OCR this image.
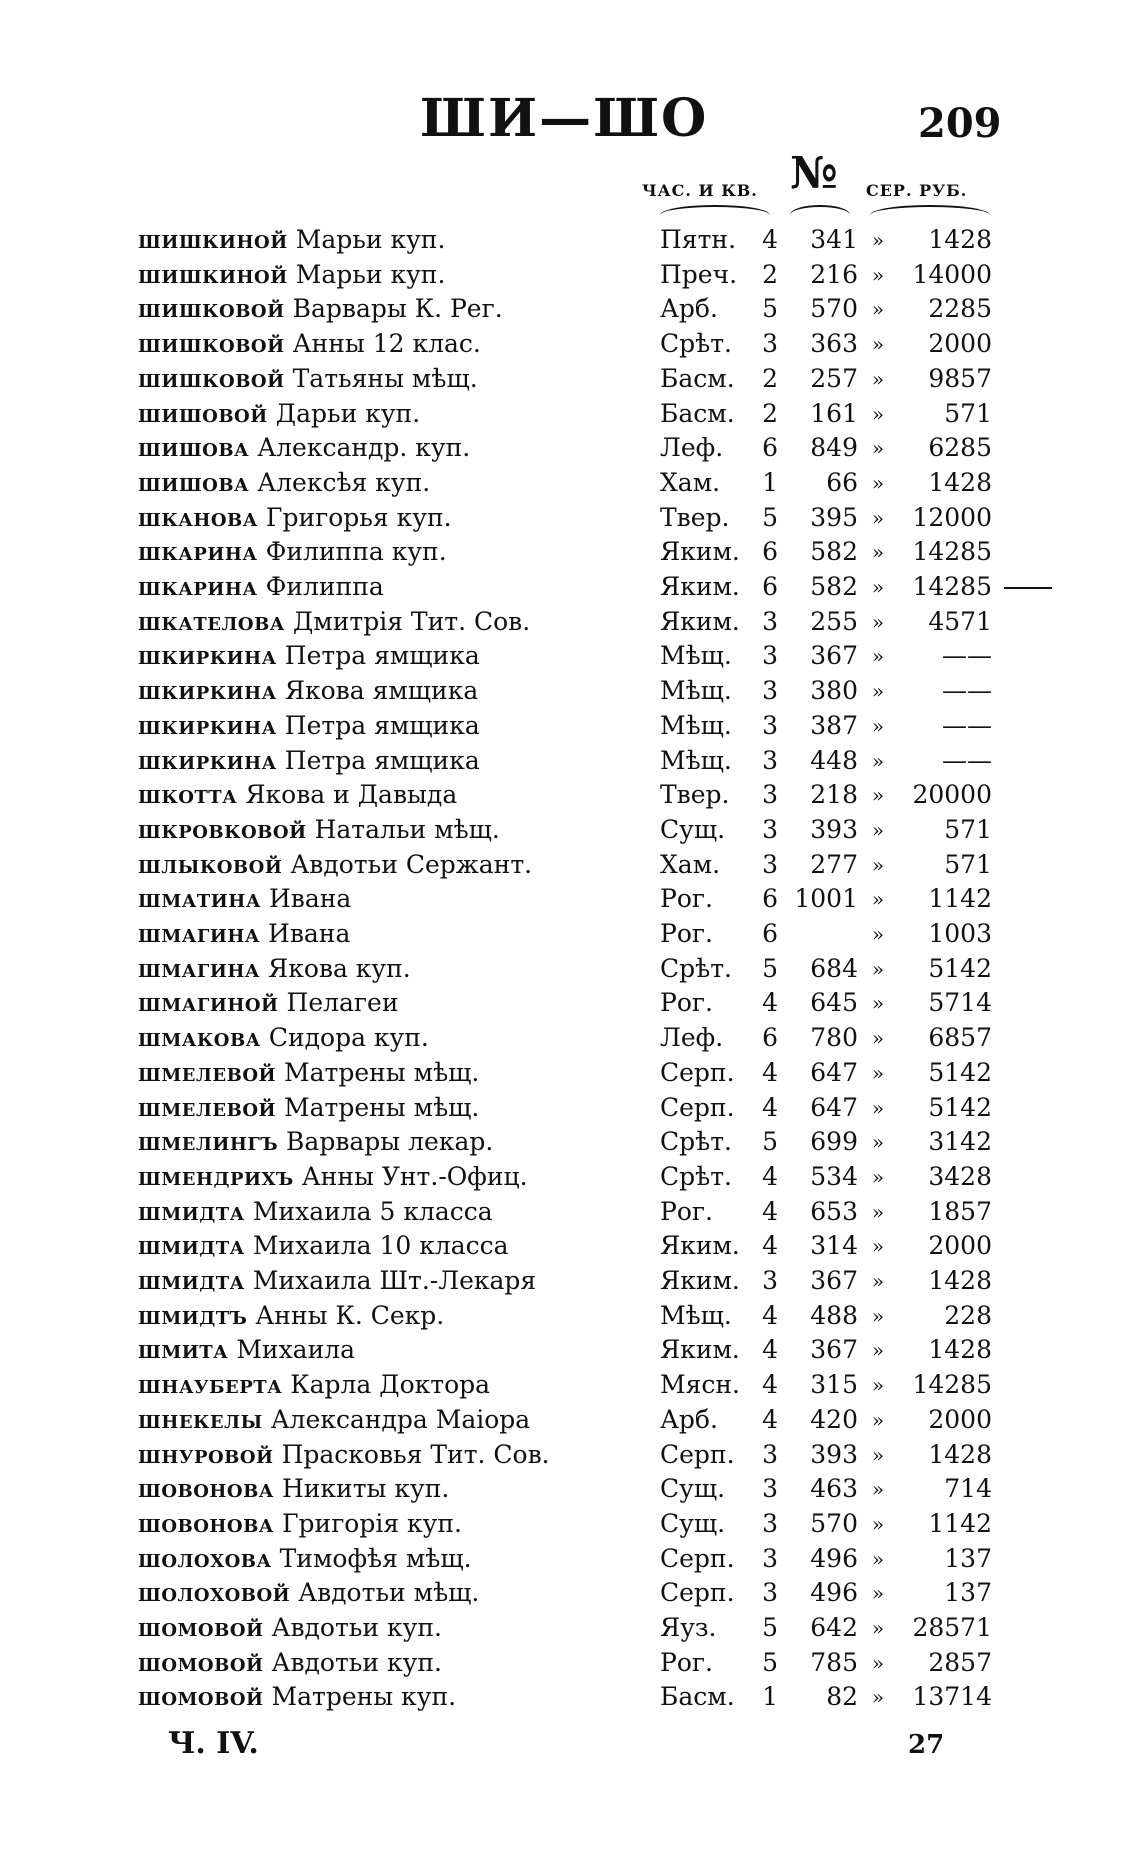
ШИ—ШО	209
ЧАС. И КВ. № СЕР. РУБ.
шишкиной Марьи куп.	Пятн.	4	341 »	1428
шишкиной Марьи куп.	Преч.	2	216 »	14000
шишковой Варвары К. Рег.	Арб.	5	570 »	2285
шишковой Анны 12 клас.	Срѣт.	3	363 »	2000
шишковой Татьяны мѣщ.	Басм.	2	257 »	9857
шишовой Дарьи куп.	Басм.	2	161 »	571
шишова Александр. куп.	Леф.	6	849 »	6285
шишова Алексѣя куп.	Хам.	1	66 »	1428
шканова Григорья куп.	Твер.	5	395 »	12000
шкарина Филиппа куп.	Яким. 6	582 »	14285
шкарина Филиппа	Яким. 6	582 »	14285
шкателова Дмитрія Тит. Сов.	Яким. 3	255 »	4571
шкиркина Петра ямщика	Мѣщ.	3	367 »	——
шкиркина Якова ямщика	Мѣщ.	3	380 »	——
шкиркина Петра ямщика	Мѣщ.	3	387 »	——
шкиркина Петра ямщика	Мѣщ.	3	448 »	——
шкотта Якова и Давыда	Твер.	3	218 »	20000
шкровковой Натальи мѣщ.	Сущ.	3	393 »	571
шлыковой Авдотьи Сержант.	Хам.	3	277 »	571
шматина Ивана	Рог.	6 1001 »	1142
шмагина Ивана	Рог.	6	»	1003
шмагина Якова куп.	Срѣт.	5	684 »	5142
шмагиной Пелагеи	Рог.	4	645 »	5714
шмакова Сидора куп.	Леф.	6	780 »	6857
шмелевой Матрены мѣщ.	Серп.	4	647 »	5142
шмелевой Матрены мѣщ.	Серп.	4	647 »	5142
шмелингъ Варвары лекар.	Срѣт.	5	699 »	3142
шмендрихъ Анны Унт.-Офиц.	Срѣт.	4	534 »	3428
шмидта Михаила 5 класса	Рог.	4	653 »	1857
шмидта Михаила 10 класса	Яким. 4	314 »	2000
шмидта Михаила Шт.-Лекаря	Яким. 3	367 »	1428
шмидтъ Анны К. Секр.	Мѣщ.	4	488 »	228
шмита Михаила	Яким. 4	367 »	1428
шнауберта Карла Доктора	Мясн. 4	315 »	14285
шнекелы Александра Маіора	Арб.	4	420 »	2000
шнуровой Прасковья Тит. Сов.	Серп.	3	393 »	1428
шовонова Никиты куп.	Сущ.	3	463 »	714
шовонова Григорія куп.	Сущ.	3	570 »	1142
шолохова Тимофѣя мѣщ.	Серп.	3	496 »	137
шолоховой Авдотьи мѣщ.	Серп.	3	496 »	137
шомовой Авдотьи куп.	Яуз.	5	642 »	28571
шомовой Авдотьи куп.	Рог.	5	785 »	2857
шомовой Матрены куп.	Басм.	1	82 »	13714
Ч. IV.	27
